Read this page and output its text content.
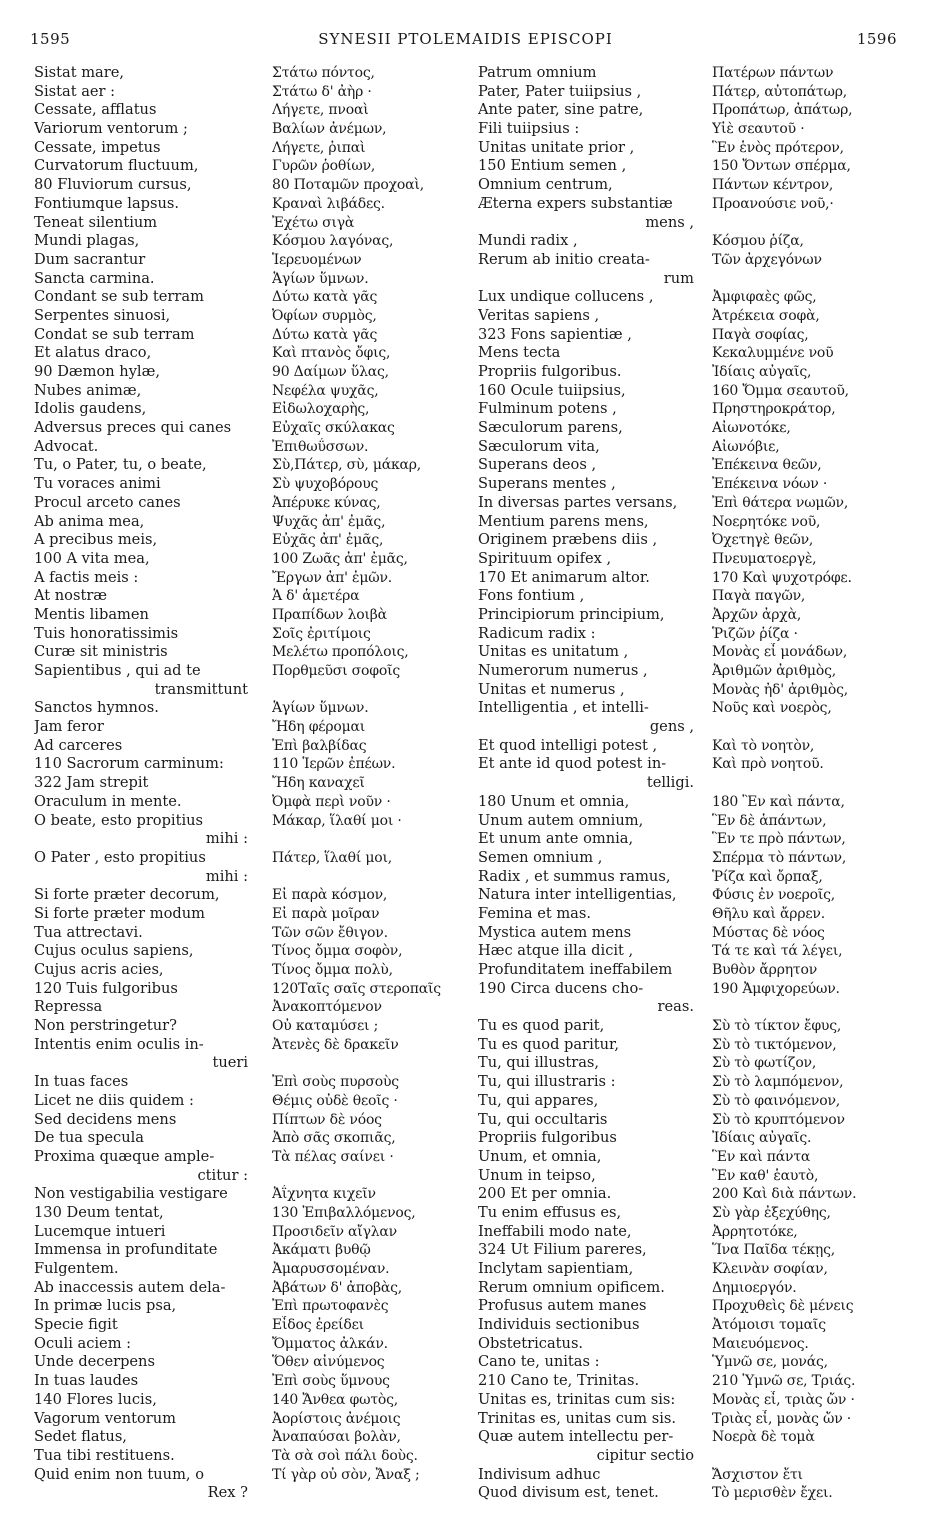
1595	SYNESII PTOLEMAIDIS EPISCOPI	1596
Sistat mare,
Sistat aer :
Cessate, afflatus
Variorum ventorum ;
Cessate, impetus
Curvatorum fluctuum,
80 Fluviorum cursus,
Fontiumque lapsus.
Teneat silentium
Mundi plagas,
Dum sacrantur
Sancta carmina.
Condant se sub terram
Serpentes sinuosi,
Condat se sub terram
Et alatus draco,
90 Dæmon hylæ,
Nubes animæ,
Idolis gaudens,
Adversus preces qui canes
Advocat.
Tu, o Pater, tu, o beate,
Tu voraces animi
Procul arceto canes
Ab anima mea,
A precibus meis,
100 A vita mea,
A factis meis :
At nostræ
Mentis libamen
Tuis honoratissimis
Curæ sit ministris
Sapientibus , qui ad te
transmittunt
Sanctos hymnos.
Jam feror
Ad carceres
110 Sacrorum carminum:
322 Jam strepit
Oraculum in mente.
O beate, esto propitius
mihi :
O Pater , esto propitius
mihi :
Si forte præter decorum,
Si forte præter modum
Tua attrectavi.
Cujus oculus sapiens,
Cujus acris acies,
120 Tuis fulgoribus
Repressa
Non perstringetur?
Intentis enim oculis in-
tueri
In tuas faces
Licet ne diis quidem :
Sed decidens mens
De tua specula
Proxima quæque ample-
ctitur :
Non vestigabilia vestigare
130 Deum tentat,
Lucemque intueri
Immensa in profunditate
Fulgentem.
Ab inaccessis autem dela-
In primæ lucis psa,
Specie figit
Oculi aciem :
Unde decerpens
In tuas laudes
140 Flores lucis,
Vagorum ventorum
Sedet flatus,
Tua tibi restituens.
Quid enim non tuum, o
Rex ?
Στάτω πόντος,
Στάτω δ' ἀὴρ ·
Λήγετε, πνοαὶ
Βαλίων ἀνέμων,
Λήγετε, ῥιπαὶ
Γυρῶν ῥοθίων,
80 Ποταμῶν προχοαὶ,
Κραναὶ λιβάδες.
Ἐχέτω σιγὰ
Κόσμου λαγόνας,
Ἱερευομένων
Ἁγίων ὕμνων.
Δύτω κατὰ γᾶς
Ὀφίων συρμὸς,
Δύτω κατὰ γᾶς
Καὶ πτανὸς ὄφις,
90 Δαίμων ὕλας,
Νεφέλα ψυχᾶς,
Εἰδωλοχαρὴς,
Εὐχαῖς σκύλακας
Ἐπιθωΰσσων.
Σὺ,Πάτερ, σὺ, μάκαρ,
Σὺ ψυχοβόρους
Ἀπέρυκε κύνας,
Ψυχᾶς ἀπ' ἐμᾶς,
Εὐχᾶς ἀπ' ἐμᾶς,
100 Ζωᾶς ἀπ' ἐμᾶς,
Ἔργων ἀπ' ἐμῶν.
Ἁ δ' ἁμετέρα
Πραπίδων λοιβὰ
Σοῖς ἐριτίμοις
Μελέτω προπόλοις,
Πορθμεῦσι σοφοῖς
Ἁγίων ὕμνων.
Ἤδη φέρομαι
Ἐπὶ βαλβίδας
110 Ἱερῶν ἐπέων.
Ἤδη καναχεῖ
Ὀμφὰ περὶ νοῦν ·
Μάκαρ, ἵλαθί μοι ·
Πάτερ, ἵλαθί μοι,
Εἰ παρὰ κόσμον,
Εἰ παρὰ μοῖραν
Τῶν σῶν ἔθιγον.
Τίνος ὄμμα σοφὸν,
Τίνος ὄμμα πολὺ,
120Ταῖς σαῖς στεροπαῖς
Ἀνακοπτόμενον
Οὐ καταμύσει ;
Ἀτενὲς δὲ δρακεῖν
Ἐπὶ σοὺς πυρσοὺς
Θέμις οὐδὲ θεοῖς ·
Πίπτων δὲ νόος
Ἀπὸ σᾶς σκοπιᾶς,
Τὰ πέλας σαίνει ·
Ἀΐχνητα κιχεῖν
130 Ἐπιβαλλόμενος,
Προσιδεῖν αἴγλαν
Ἀκάματι βυθῷ
Ἀμαρυσσομέναν.
Ἀβάτων δ' ἀποβὰς,
Ἐπὶ πρωτοφανὲς
Εἶδος ἐρείδει
Ὄμματος ἀλκάν.
Ὅθεν αἰνύμενος
Ἐπὶ σοὺς ὕμνους
140 Ἄνθεα φωτὸς,
Ἀορίστοις ἀνέμοις
Ἀναπαύσαι βολὰν,
Τὰ σὰ σοὶ πάλι δοὺς.
Τί γὰρ οὐ σὸν, Ἄναξ ;
Patrum omnium
Pater, Pater tuiipsius ,
Ante pater, sine patre,
Fili tuiipsius :
Unitas unitate prior ,
150 Entium semen ,
Omnium centrum,
Æterna expers substantiæ
mens ,
Mundi radix ,
Rerum ab initio creata-
rum
Lux undique collucens ,
Veritas sapiens ,
323 Fons sapientiæ ,
Mens tecta
Propriis fulgoribus.
160 Ocule tuiipsius,
Fulminum potens ,
Sæculorum parens,
Sæculorum vita,
Superans deos ,
Superans mentes ,
In diversas partes versans,
Mentium parens mens,
Originem præbens diis ,
Spirituum opifex ,
170 Et animarum altor.
Fons fontium ,
Principiorum principium,
Radicum radix :
Unitas es unitatum ,
Numerorum numerus ,
Unitas et numerus ,
Intelligentia , et intelli-
gens ,
Et quod intelligi potest ,
Et ante id quod potest in-
telligi.
180 Unum et omnia,
Unum autem omnium,
Et unum ante omnia,
Semen omnium ,
Radix , et summus ramus,
Natura inter intelligentias,
Femina et mas.
Mystica autem mens
Hæc atque illa dicit ,
Profunditatem ineffabilem
190 Circa ducens cho-
reas.
Tu es quod parit,
Tu es quod paritur,
Tu, qui illustras,
Tu, qui illustraris :
Tu, qui appares,
Tu, qui occultaris
Propriis fulgoribus
Unum, et omnia,
Unum in teipso,
200 Et per omnia.
Tu enim effusus es,
Ineffabili modo nate,
324 Ut Filium pareres,
Inclytam sapientiam,
Rerum omnium opificem.
Profusus autem manes
Individuis sectionibus
Obstetricatus.
Cano te, unitas :
210 Cano te, Trinitas.
Unitas es, trinitas cum sis:
Trinitas es, unitas cum sis.
Quæ autem intellectu per-
cipitur sectio
Indivisum adhuc
Quod divisum est, tenet.
Πατέρων πάντων
Πάτερ, αὐτοπάτωρ,
Προπάτωρ, ἀπάτωρ,
Υἱὲ σεαυτοῦ ·
Ἓν ἑνὸς πρότερον,
150 Ὄντων σπέρμα,
Πάντων κέντρον,
Προανούσιε νοῦ,·
Κόσμου ῥίζα,
Τῶν ἀρχεγόνων
Ἀμφιφαὲς φῶς,
Ἀτρέκεια σοφὰ,
Παγὰ σοφίας,
Κεκαλυμμένε νοῦ
Ἰδίαις αὐγαῖς,
160 Ὄμμα σεαυτοῦ,
Πρηστηροκράτορ,
Αἰωνοτόκε,
Αἰωνόβιε,
Ἐπέκεινα θεῶν,
Ἐπέκεινα νόων ·
Ἐπὶ θάτερα νωμῶν,
Νοερητόκε νοῦ,
Ὀχετηγὲ θεῶν,
Πνευματοεργὲ,
170 Καὶ ψυχοτρόφε.
Παγὰ παγῶν,
Ἀρχῶν ἀρχὰ,
Ῥιζῶν ῥίζα ·
Μονὰς εἶ μονάδων,
Ἀριθμῶν ἀριθμὸς,
Μονὰς ἠδ' ἀριθμὸς,
Νοῦς καὶ νοερὸς,
Καὶ τὸ νοητὸν,
Καὶ πρὸ νοητοῦ.
180 Ἓν καὶ πάντα,
Ἓν δὲ ἁπάντων,
Ἓν τε πρὸ πάντων,
Σπέρμα τὸ πάντων,
Ῥίζα καὶ ὄρπαξ,
Φύσις ἐν νοεροῖς,
Θῆλυ καὶ ἄρρεν.
Μύστας δὲ νόος
Τά τε καὶ τά λέγει,
Βυθὸν ἄρρητον
190 Ἀμφιχορεύων.
Σὺ τὸ τίκτον ἔφυς,
Σὺ τὸ τικτόμενον,
Σὺ τὸ φωτίζον,
Σὺ τὸ λαμπόμενον,
Σὺ τὸ φαινόμενον,
Σὺ τὸ κρυπτόμενον
Ἰδίαις αὐγαῖς.
Ἓν καὶ πάντα
Ἓν καθ' ἑαυτὸ,
200 Καὶ διὰ πάντων.
Σὺ γὰρ ἐξεχύθης,
Ἀρρητοτόκε,
Ἵνα Παῖδα τέκῃς,
Κλεινὰν σοφίαν,
Δημιοεργόν.
Προχυθεὶς δὲ μένεις
Ἀτόμοισι τομαῖς
Μαιευόμενος.
Ὑμνῶ σε, μονάς,
210 Ὑμνῶ σε, Τριάς.
Μονὰς εἶ, τριὰς ὤν ·
Τριὰς εἶ, μονὰς ὤν ·
Νοερὰ δὲ τομὰ
Ἄσχιστον ἔτι
Τὸ μερισθὲν ἔχει.
